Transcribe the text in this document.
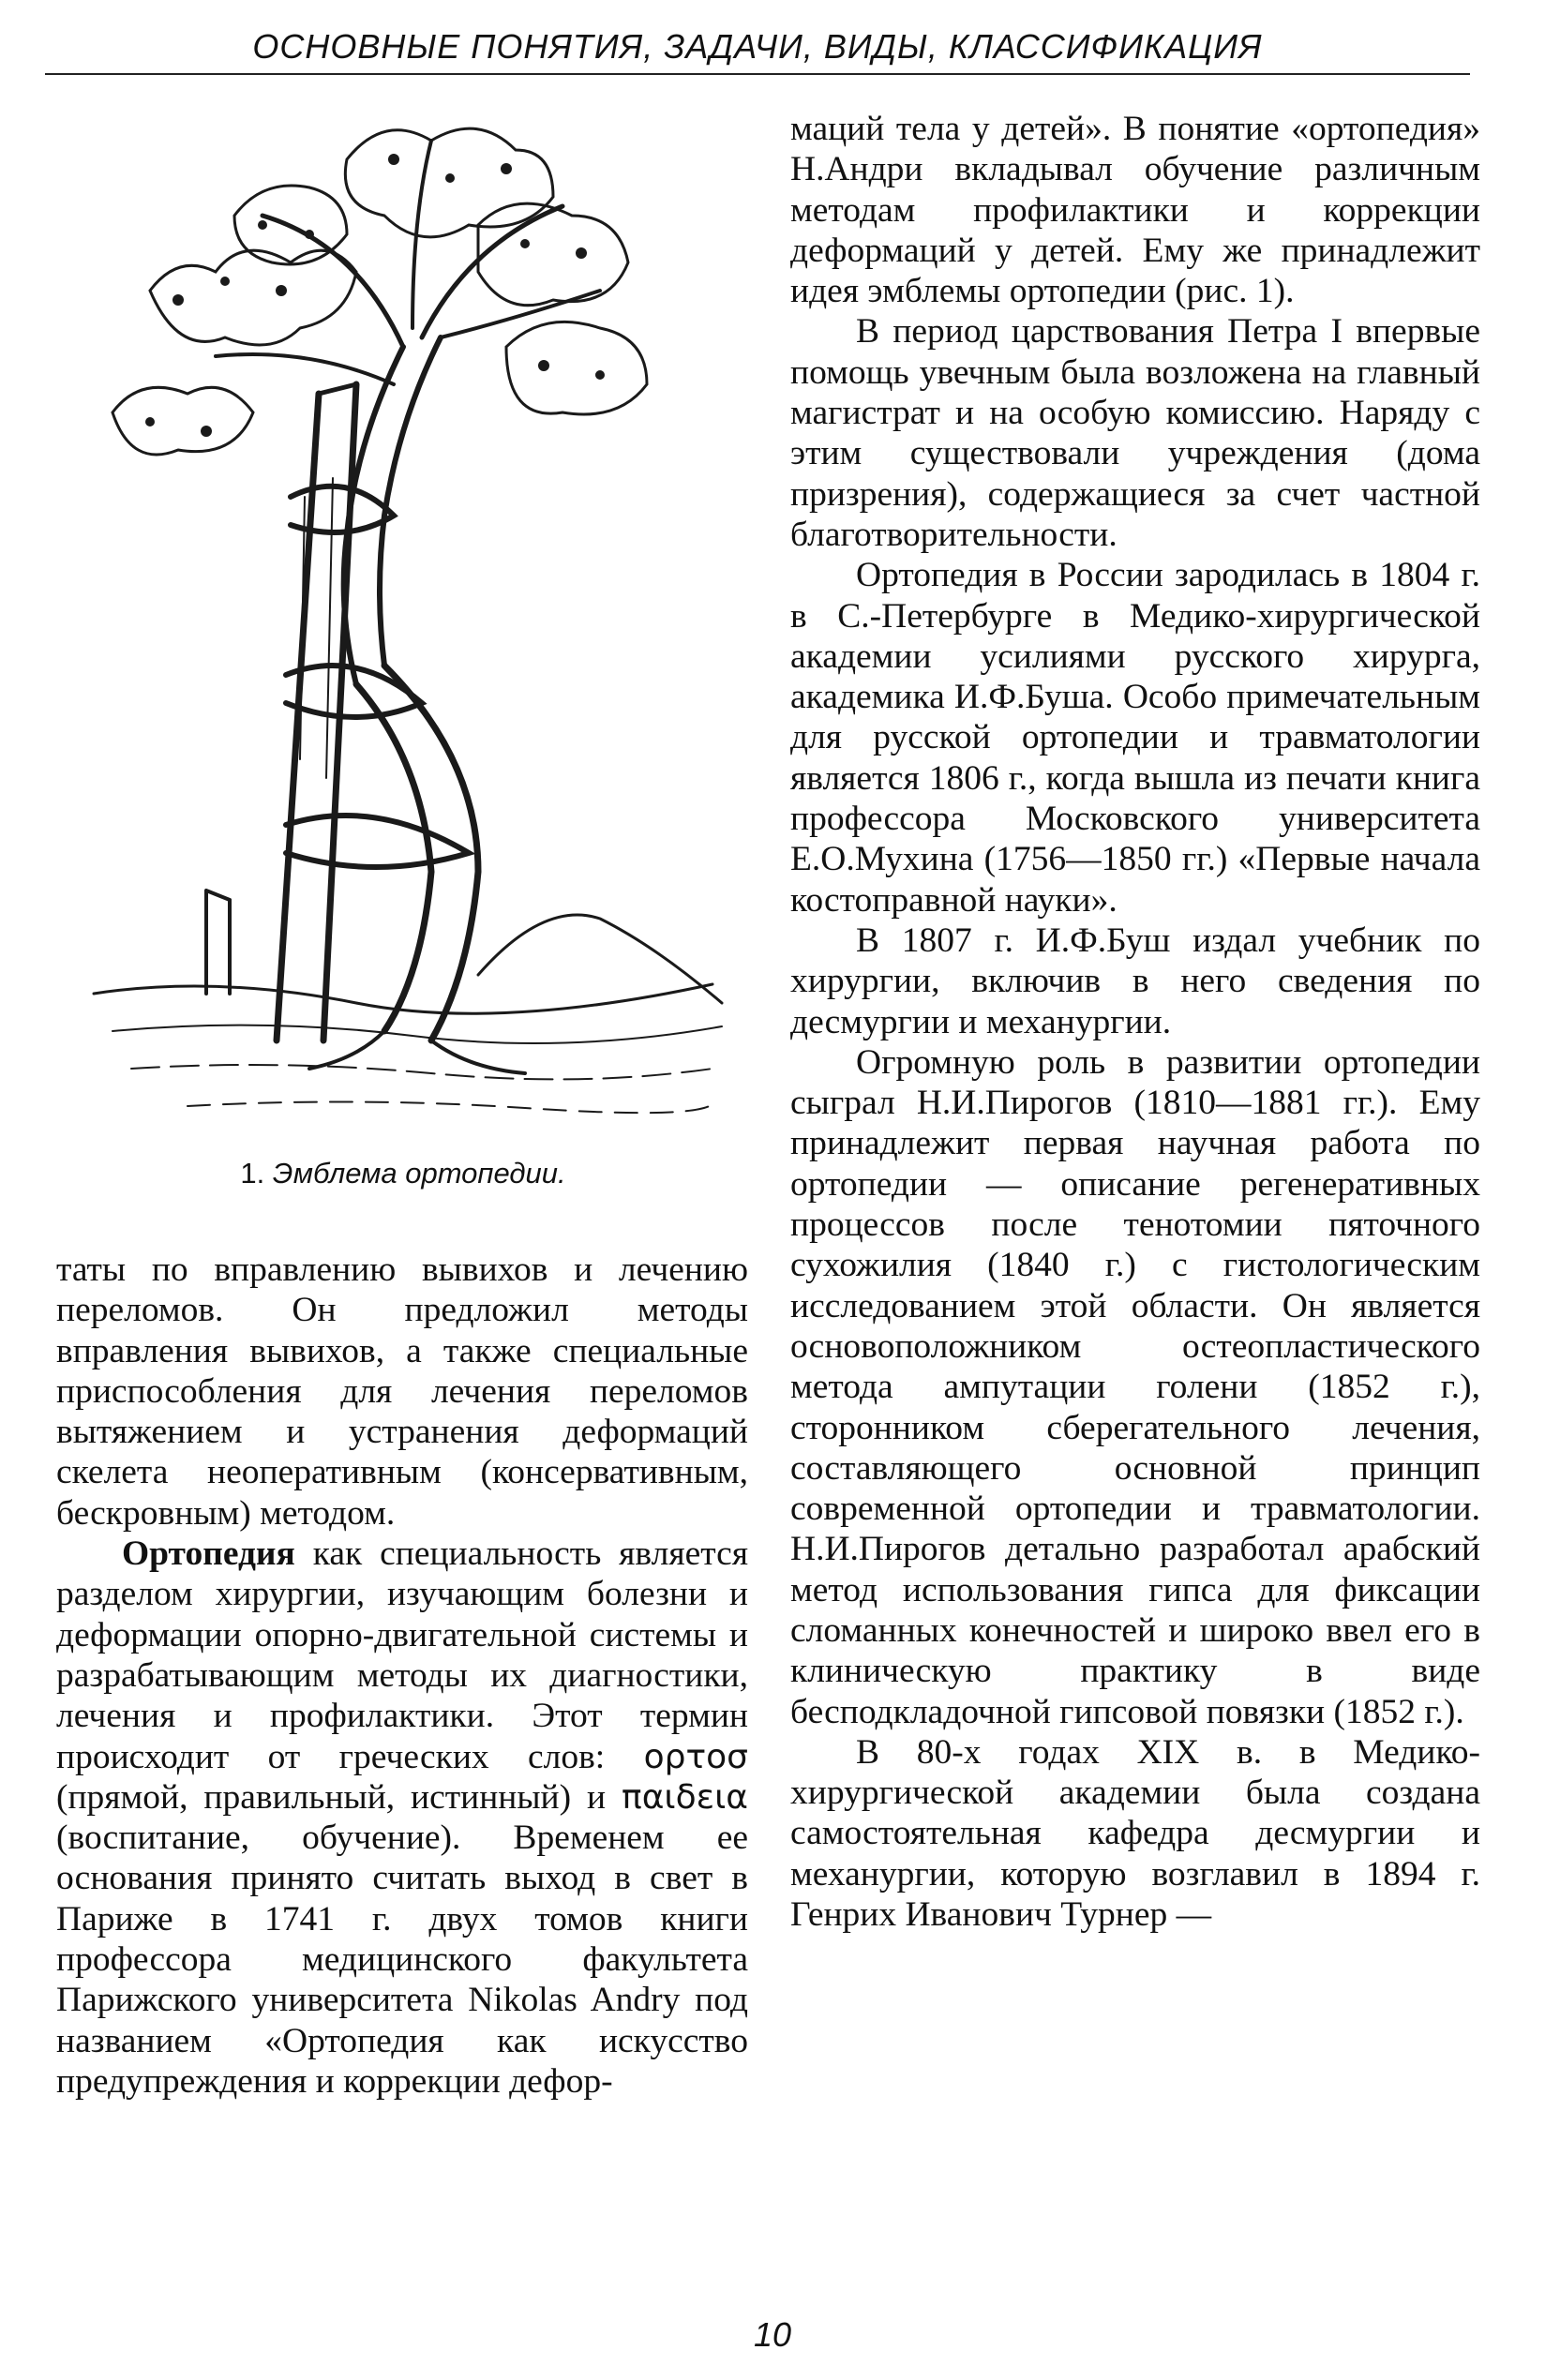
ОСНОВНЫЕ ПОНЯТИЯ, ЗАДАЧИ, ВИДЫ, КЛАССИФИКАЦИЯ
1. Эмблема ортопедии.

таты по вправлению вывихов и лечению переломов. Он предложил методы вправления вывихов, а также специальные приспособления для лечения переломов вытяжением и устранения деформаций скелета неоперативным (консервативным, бескровным) методом.

Ортопедия как специальность является разделом хирургии, изучающим болезни и деформации опорно-двигательной системы и разрабатывающим методы их диагностики, лечения и профилактики. Этот термин происходит от греческих слов: ορτοσ (прямой, правильный, истинный) и παιδεια (воспитание, обучение). Временем ее основания принято считать выход в свет в Париже в 1741 г. двух томов книги профессора медицинского факультета Парижского университета Nikolas Andry под названием «Ортопедия как искусство предупреждения и коррекции дефор-

маций тела у детей». В понятие «ортопедия» Н.Андри вкладывал обучение различным методам профилактики и коррекции деформаций у детей. Ему же принадлежит идея эмблемы ортопедии (рис. 1).

В период царствования Петра I впервые помощь увечным была возложена на главный магистрат и на особую комиссию. Наряду с этим существовали учреждения (дома призрения), содержащиеся за счет частной благотворительности.

Ортопедия в России зародилась в 1804 г. в С.-Петербурге в Медико-хирургической академии усилиями русского хирурга, академика И.Ф.Буша. Особо примечательным для русской ортопедии и травматологии является 1806 г., когда вышла из печати книга профессора Московского университета Е.О.Мухина (1756—1850 гг.) «Первые начала костоправной науки».

В 1807 г. И.Ф.Буш издал учебник по хирургии, включив в него сведения по десмургии и механургии.

Огромную роль в развитии ортопедии сыграл Н.И.Пирогов (1810—1881 гг.). Ему принадлежит первая научная работа по ортопедии — описание регенеративных процессов после тенотомии пяточного сухожилия (1840 г.) с гистологическим исследованием этой области. Он является основоположником остеопластического метода ампутации голени (1852 г.), сторонником сберегательного лечения, составляющего основной принцип современной ортопедии и травматологии. Н.И.Пирогов детально разработал арабский метод использования гипса для фиксации сломанных конечностей и широко ввел его в клиническую практику в виде бесподкладочной гипсовой повязки (1852 г.).

В 80-х годах XIX в. в Медико-хирургической академии была создана самостоятельная кафедра десмургии и механургии, которую возглавил в 1894 г. Генрих Иванович Турнер —

10
